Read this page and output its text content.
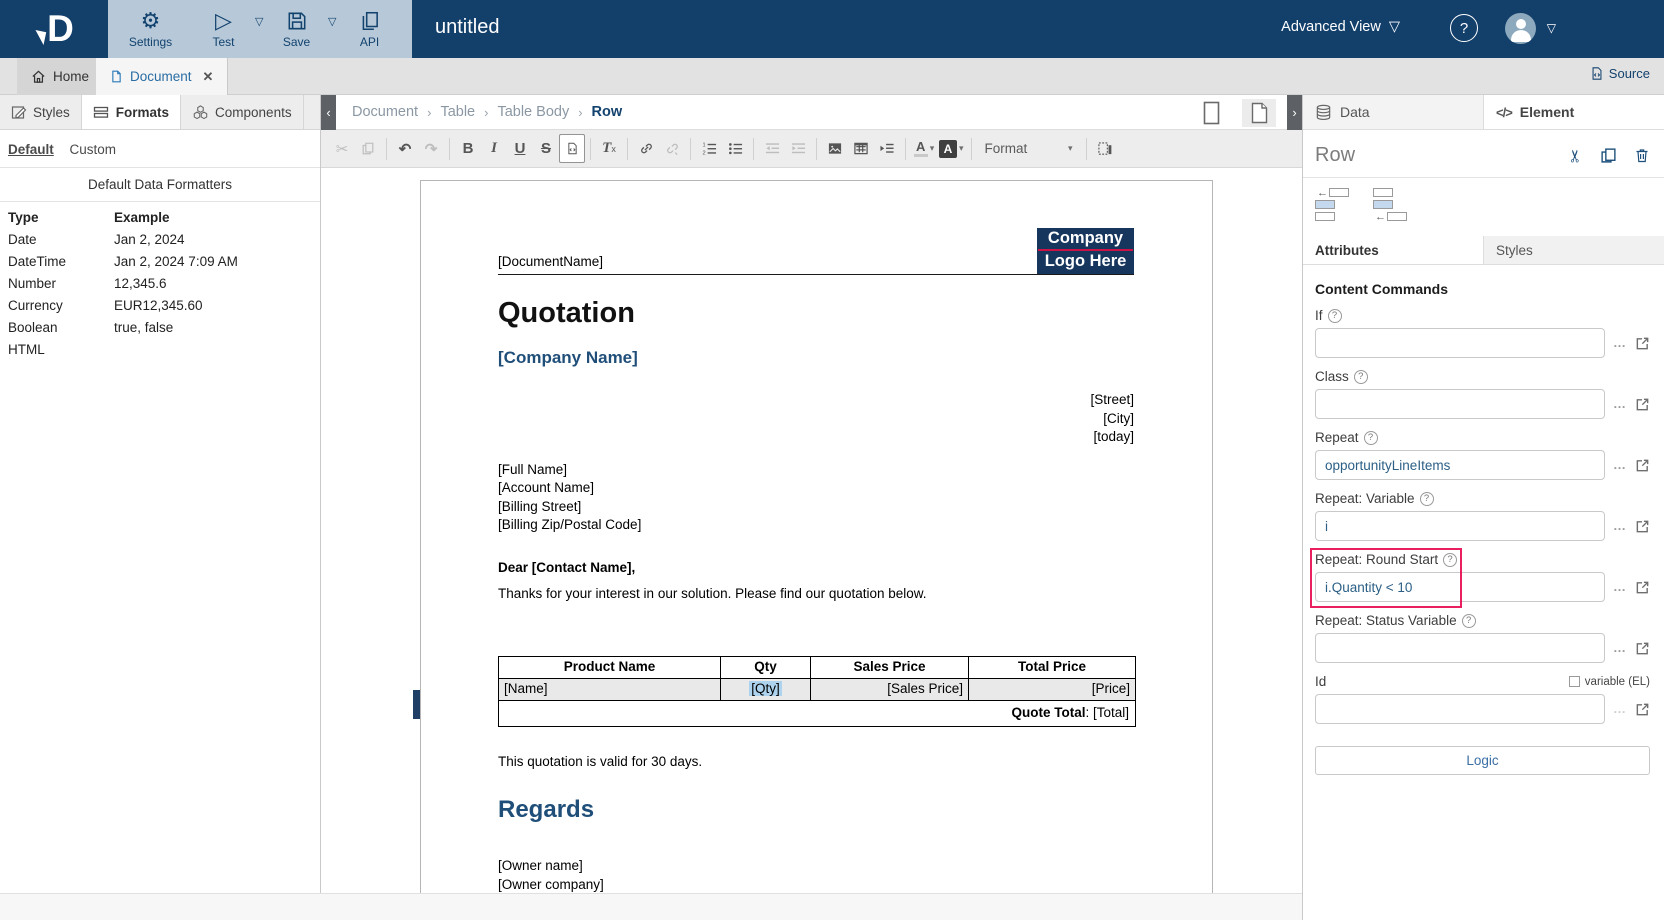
D	⚙
Settings
▷
Test
▽
Save
▽
API
untitled	Advanced View ▽	?	▽
Home	Document ✕	Source
Styles	Formats	Components
Default Custom
Default Data Formatters
Type	Example
Date	Jan 2, 2024
DateTime	Jan 2, 2024 7:09 AM
Number	12,345.6
Currency	EUR12,345.60
Boolean	true, false
HTML	
‹	Document › Table › Table Body › Row	›
✂	↶ ↷ B I U S	T x	1
2	A ▾ A ▾ Format	▾
[DocumentName]
Company
Logo Here
Quotation
[Company Name]
[Street]
[City]
[today]
[Full Name]
[Account Name]
[Billing Street]
[Billing Zip/Postal Code]
Dear [Contact Name],
Thanks for your interest in our solution. Please find our quotation below.
Product Name	Qty	Sales Price	Total Price
[Name]	[Qty]	[Sales Price]	[Price]
Quote Total: [Total]			
This quotation is valid for 30 days.
Regards
[Owner name]
[Owner company]
Data	</> Element
Row	✂
←
←
Attributes	Styles
Content Commands
If ?
…
Class ?
…
Repeat ?
opportunityLineItems
…
Repeat: Variable ?
i
…
Repeat: Round Start ?
i.Quantity < 10
…
Repeat: Status Variable ?
…
Id	variable (EL)
…
Logic
